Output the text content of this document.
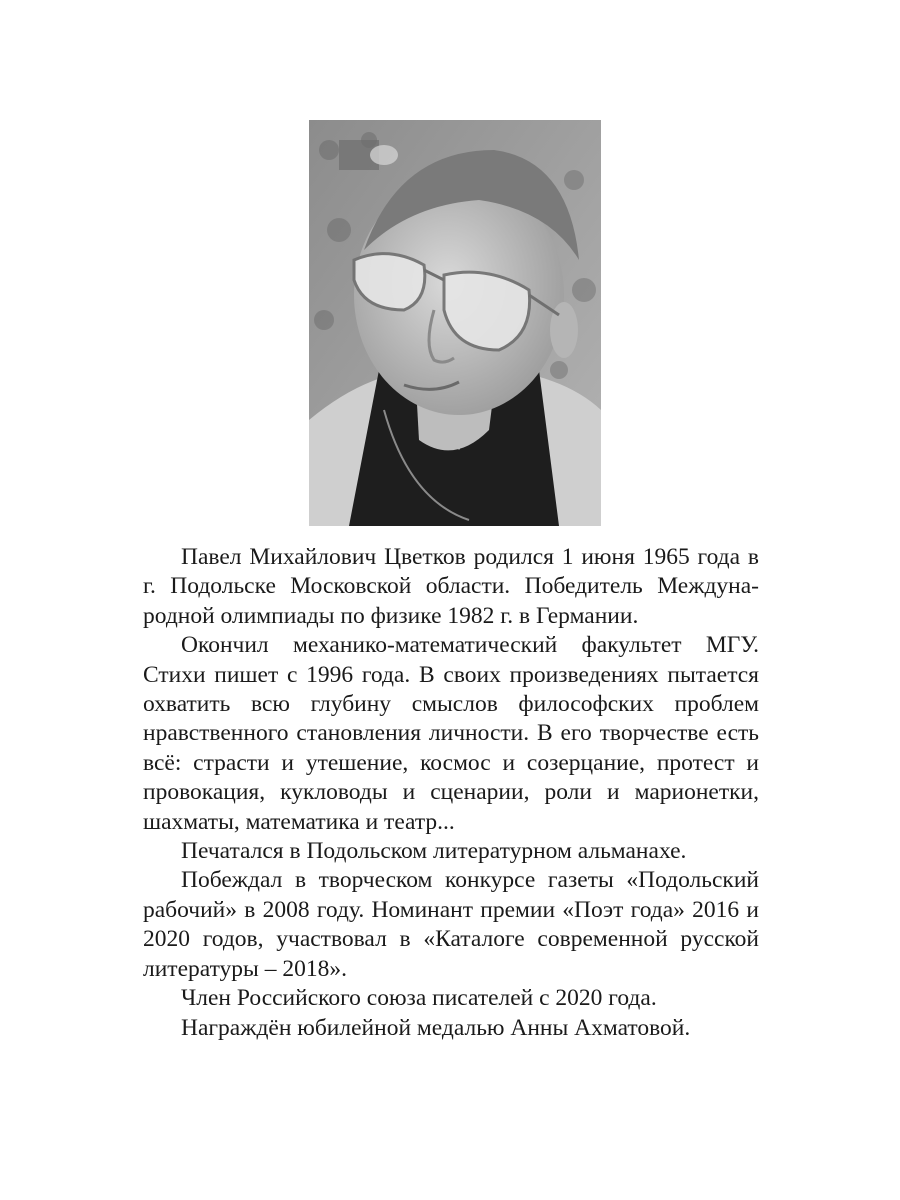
Павел Михайлович Цветков родился 1 июня 1965 года в г. Подольске Московской области. Победитель Международной олимпиады по физике 1982 г. в Германии.

Окончил механико-математический факультет МГУ. Стихи пишет с 1996 года. В своих произведениях пытается охватить всю глубину смыслов философских проблем нравственного становления личности. В его творчестве есть всё: страсти и утешение, космос и созерцание, протест и провокация, кукловоды и сценарии, роли и марионетки, шахматы, математика и театр...

Печатался в Подольском литературном альманахе.

Побеждал в творческом конкурсе газеты «Подольский рабочий» в 2008 году. Номинант премии «Поэт года» 2016 и 2020 годов, участвовал в «Каталоге современной русской литературы – 2018».

Член Российского союза писателей с 2020 года.

Награждён юбилейной медалью Анны Ахматовой.
